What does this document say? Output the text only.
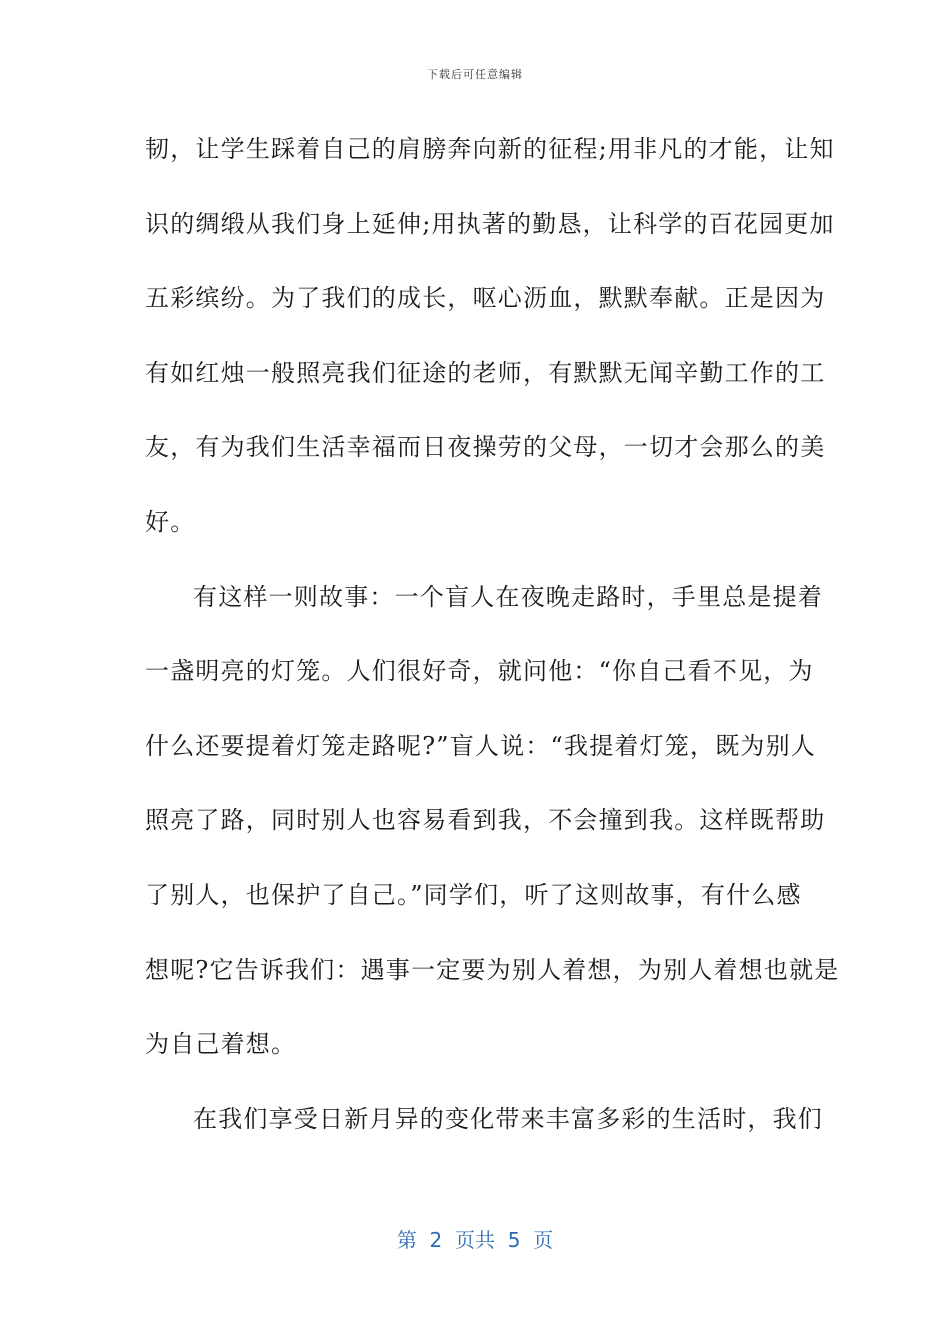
下载后可任意编辑
韧，让学生踩着自己的肩膀奔向新的征程;用非凡的才能，让知
识的绸缎从我们身上延伸;用执著的勤恳，让科学的百花园更加
五彩缤纷。为了我们的成长，呕心沥血，默默奉献。正是因为
有如红烛一般照亮我们征途的老师，有默默无闻辛勤工作的工
友，有为我们生活幸福而日夜操劳的父母，一切才会那么的美
好。
有这样一则故事：一个盲人在夜晚走路时，手里总是提着
一盏明亮的灯笼。人们很好奇，就问他：“你自己看不见，为
什么还要提着灯笼走路呢?”盲人说：“我提着灯笼，既为别人
照亮了路，同时别人也容易看到我，不会撞到我。这样既帮助
了别人，也保护了自己。”同学们，听了这则故事，有什么感
想呢?它告诉我们：遇事一定要为别人着想，为别人着想也就是
为自己着想。
在我们享受日新月异的变化带来丰富多彩的生活时，我们
第  2  页共  5  页
